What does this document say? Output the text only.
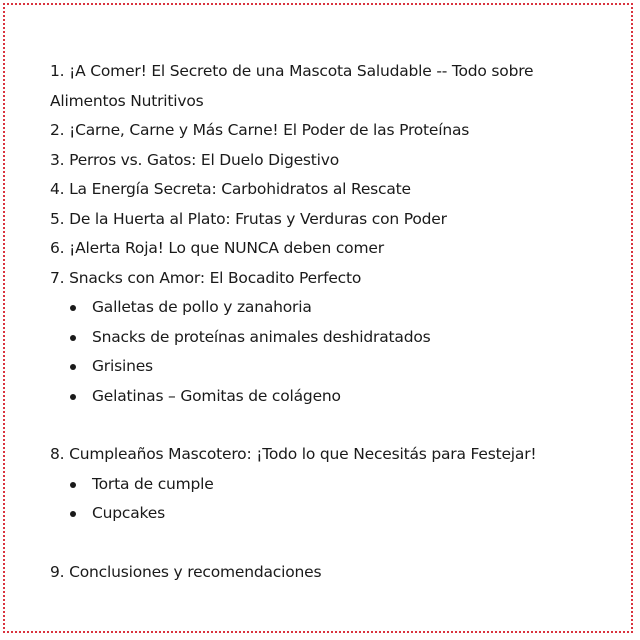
1. ¡A Comer! El Secreto de una Mascota Saludable -- Todo sobre Alimentos Nutritivos
2. ¡Carne, Carne y Más Carne! El Poder de las Proteínas
3. Perros vs. Gatos: El Duelo Digestivo
4. La Energía Secreta: Carbohidratos al Rescate
5. De la Huerta al Plato: Frutas y Verduras con Poder
6. ¡Alerta Roja! Lo que NUNCA deben comer
7. Snacks con Amor: El Bocadito Perfecto
Galletas de pollo y zanahoria
Snacks de proteínas animales deshidratados
Grisines
Gelatinas – Gomitas de colágeno
8. Cumpleaños Mascotero: ¡Todo lo que Necesitás para Festejar!
Torta de cumple
Cupcakes
9. Conclusiones y recomendaciones
